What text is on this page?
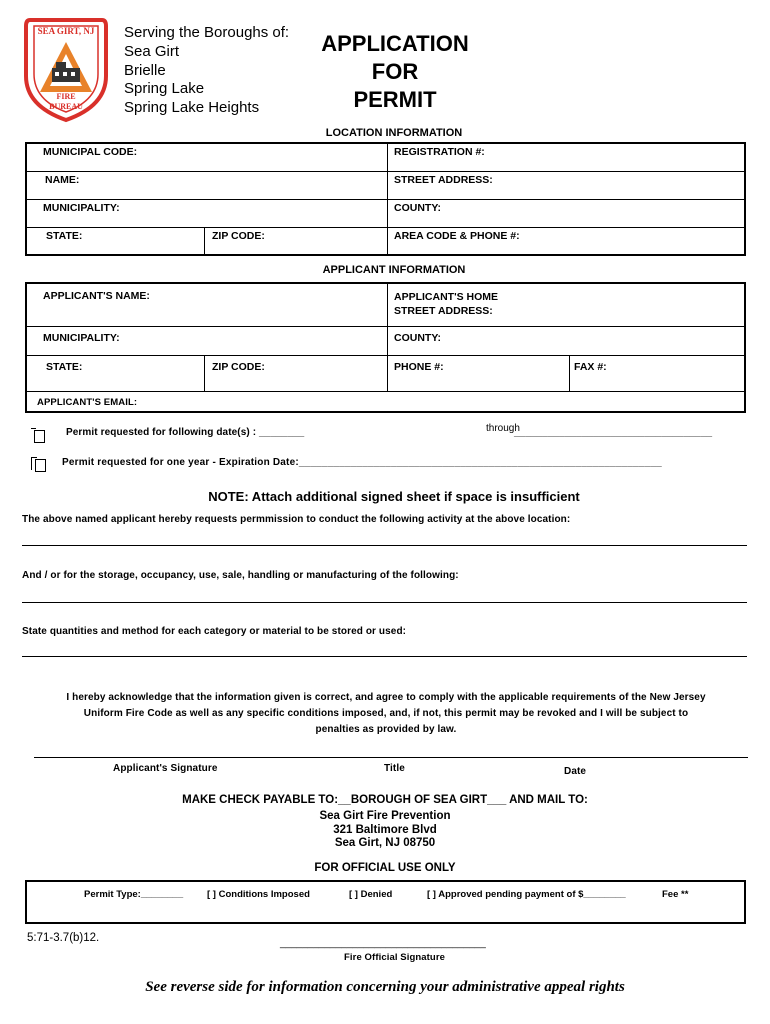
SEA GIRT, NJ
FIRE
BUREAU
Serving the Boroughs of:
Sea Girt
Brielle
Spring Lake
Spring Lake Heights
APPLICATION
FOR
PERMIT
LOCATION INFORMATION
MUNICIPAL CODE:	REGISTRATION #:
NAME:	STREET ADDRESS:
MUNICIPALITY:	COUNTY:
STATE:	ZIP CODE:	AREA CODE & PHONE #:
APPLICANT INFORMATION
APPLICANT'S NAME:	APPLICANT'S HOME
STREET ADDRESS:
MUNICIPALITY:	COUNTY:
STATE:	ZIP CODE:	PHONE #:	FAX #:
APPLICANT'S EMAIL:
Permit requested for following date(s) : ________	through
___________________________________
Permit requested for one year - Expiration Date:_______________________________________________________________
NOTE: Attach additional signed sheet if space is insufficient
The above named applicant hereby requests permmission to conduct the following activity at the above location:
And / or for the storage, occupancy, use, sale, handling or manufacturing of the following:
State quantities and method for each category or material to be stored or used:
I hereby acknowledge that the information given is correct, and agree to comply with the applicable requirements of the New Jersey
Uniform Fire Code as well as any specific conditions imposed, and, if not, this permit may be revoked and I will be subject to
penalties as provided by law.
Applicant's Signature	Title	Date
MAKE CHECK PAYABLE TO:__BOROUGH OF SEA GIRT___ AND MAIL TO:
Sea Girt Fire Prevention
321 Baltimore Blvd
Sea Girt, NJ 08750
FOR OFFICIAL USE ONLY
Permit Type:________	[ ] Conditions Imposed	[ ] Denied	[ ] Approved pending payment of $________	Fee **
5:71-3.7(b)12.	_____________________________________
Fire Official Signature
See reverse side for information concerning your administrative appeal rights
